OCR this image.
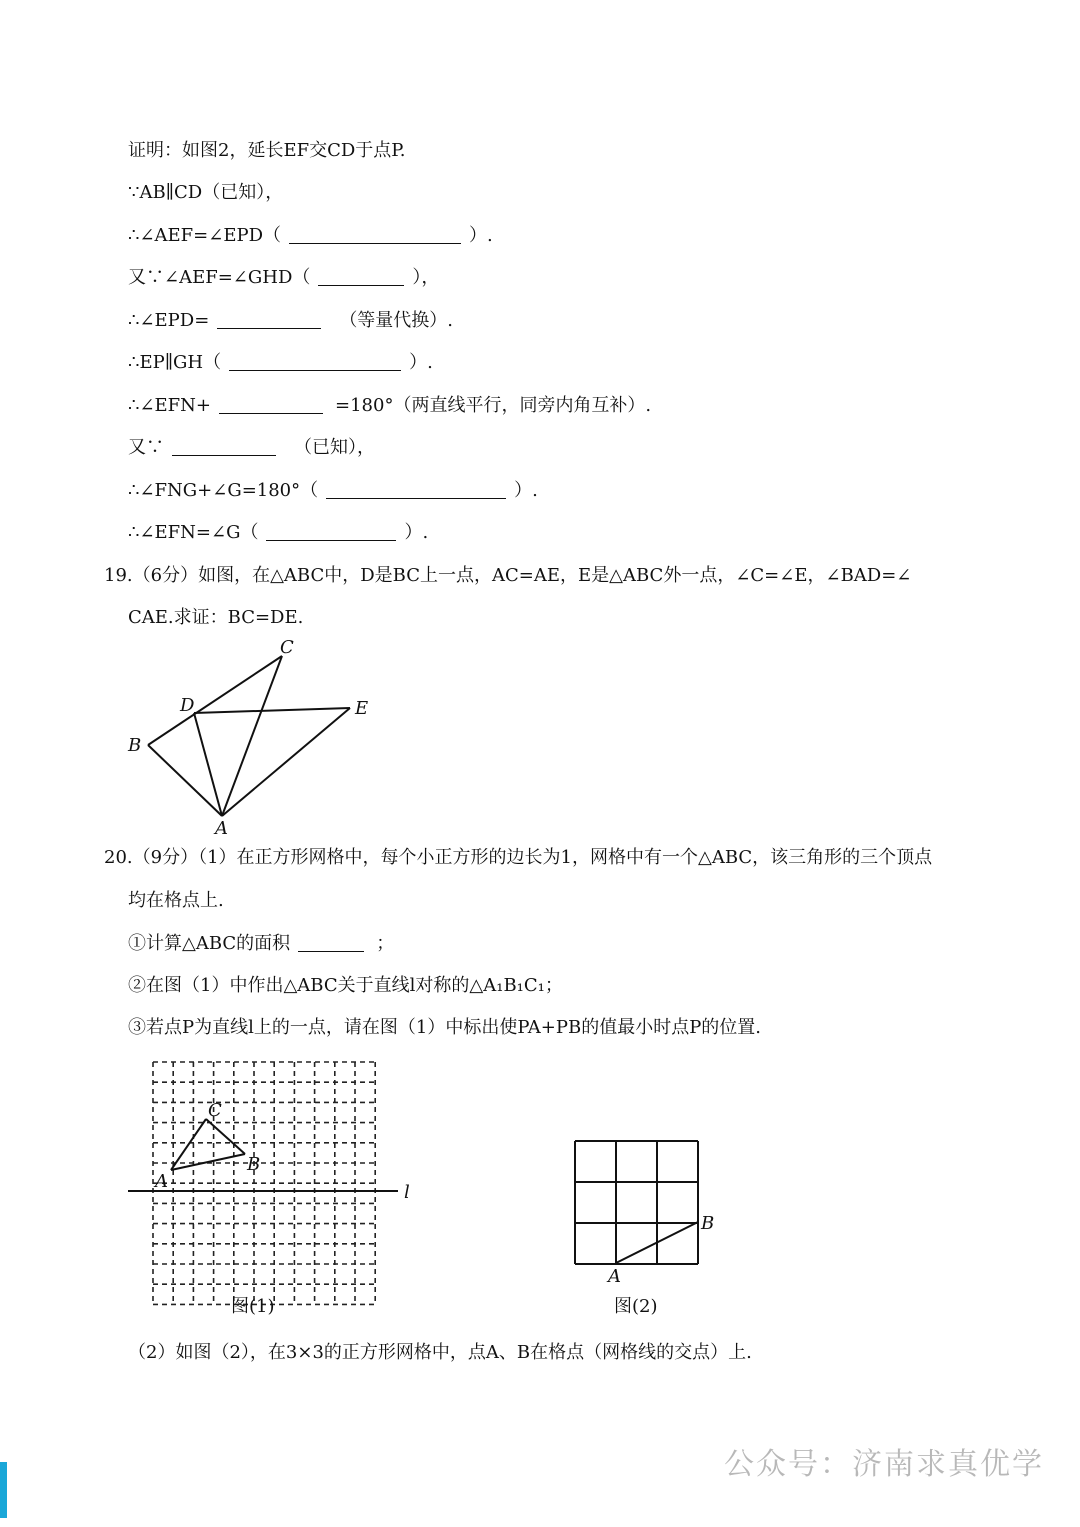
证明：如图2，延长EF交CD于点P.
∵AB∥CD（已知），
∴∠AEF=∠EPD（	）.
又∵∠AEF=∠GHD（	），
∴∠EPD=	（等量代换）.
∴EP∥GH（	）.
∴∠EFN+	=180°（两直线平行，同旁内角互补）.
又∵	（已知），
∴∠FNG+∠G=180°（	）.
∴∠EFN=∠G（	）.
19.（6分）如图，在△ABC中，D是BC上一点，AC=AE，E是△ABC外一点，∠C=∠E，∠BAD=∠
CAE.求证：BC=DE.
C
D	E
B
A
20.（9分）（1）在正方形网格中，每个小正方形的边长为1，网格中有一个△ABC，该三角形的三个顶点
均在格点上.
①计算△ABC的面积	；
②在图（1）中作出△ABC关于直线l对称的△A₁B₁C₁；
③若点P为直线l上的一点，请在图（1）中标出使PA+PB的值最小时点P的位置.
C
B
A
l
图(1)
B
A
图(2)
（2）如图（2），在3×3的正方形网格中，点A、B在格点（网格线的交点）上.
公众号：济南求真优学
